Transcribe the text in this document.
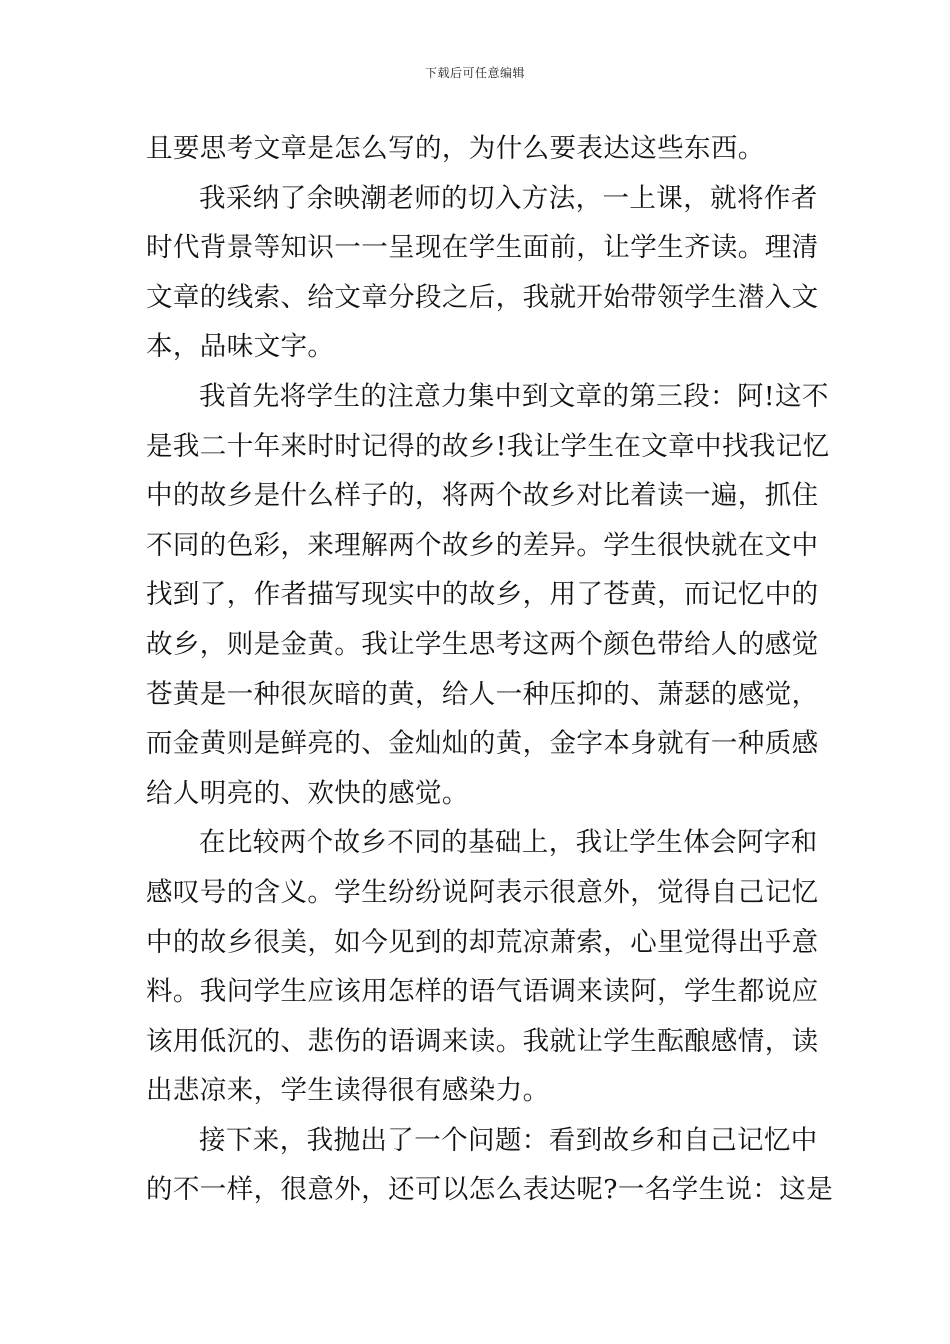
下载后可任意编辑
且要思考文章是怎么写的，为什么要表达这些东西。
我采纳了余映潮老师的切入方法，一上课，就将作者
时代背景等知识一一呈现在学生面前，让学生齐读。理清
文章的线索、给文章分段之后，我就开始带领学生潜入文
本，品味文字。
我首先将学生的注意力集中到文章的第三段：阿!这不
是我二十年来时时记得的故乡!我让学生在文章中找我记忆
中的故乡是什么样子的，将两个故乡对比着读一遍，抓住
不同的色彩，来理解两个故乡的差异。学生很快就在文中
找到了，作者描写现实中的故乡，用了苍黄，而记忆中的
故乡，则是金黄。我让学生思考这两个颜色带给人的感觉
苍黄是一种很灰暗的黄，给人一种压抑的、萧瑟的感觉，
而金黄则是鲜亮的、金灿灿的黄，金字本身就有一种质感
给人明亮的、欢快的感觉。
在比较两个故乡不同的基础上，我让学生体会阿字和
感叹号的含义。学生纷纷说阿表示很意外，觉得自己记忆
中的故乡很美，如今见到的却荒凉萧索，心里觉得出乎意
料。我问学生应该用怎样的语气语调来读阿，学生都说应
该用低沉的、悲伤的语调来读。我就让学生酝酿感情，读
出悲凉来，学生读得很有感染力。
接下来，我抛出了一个问题：看到故乡和自己记忆中
的不一样，很意外，还可以怎么表达呢?一名学生说：这是
